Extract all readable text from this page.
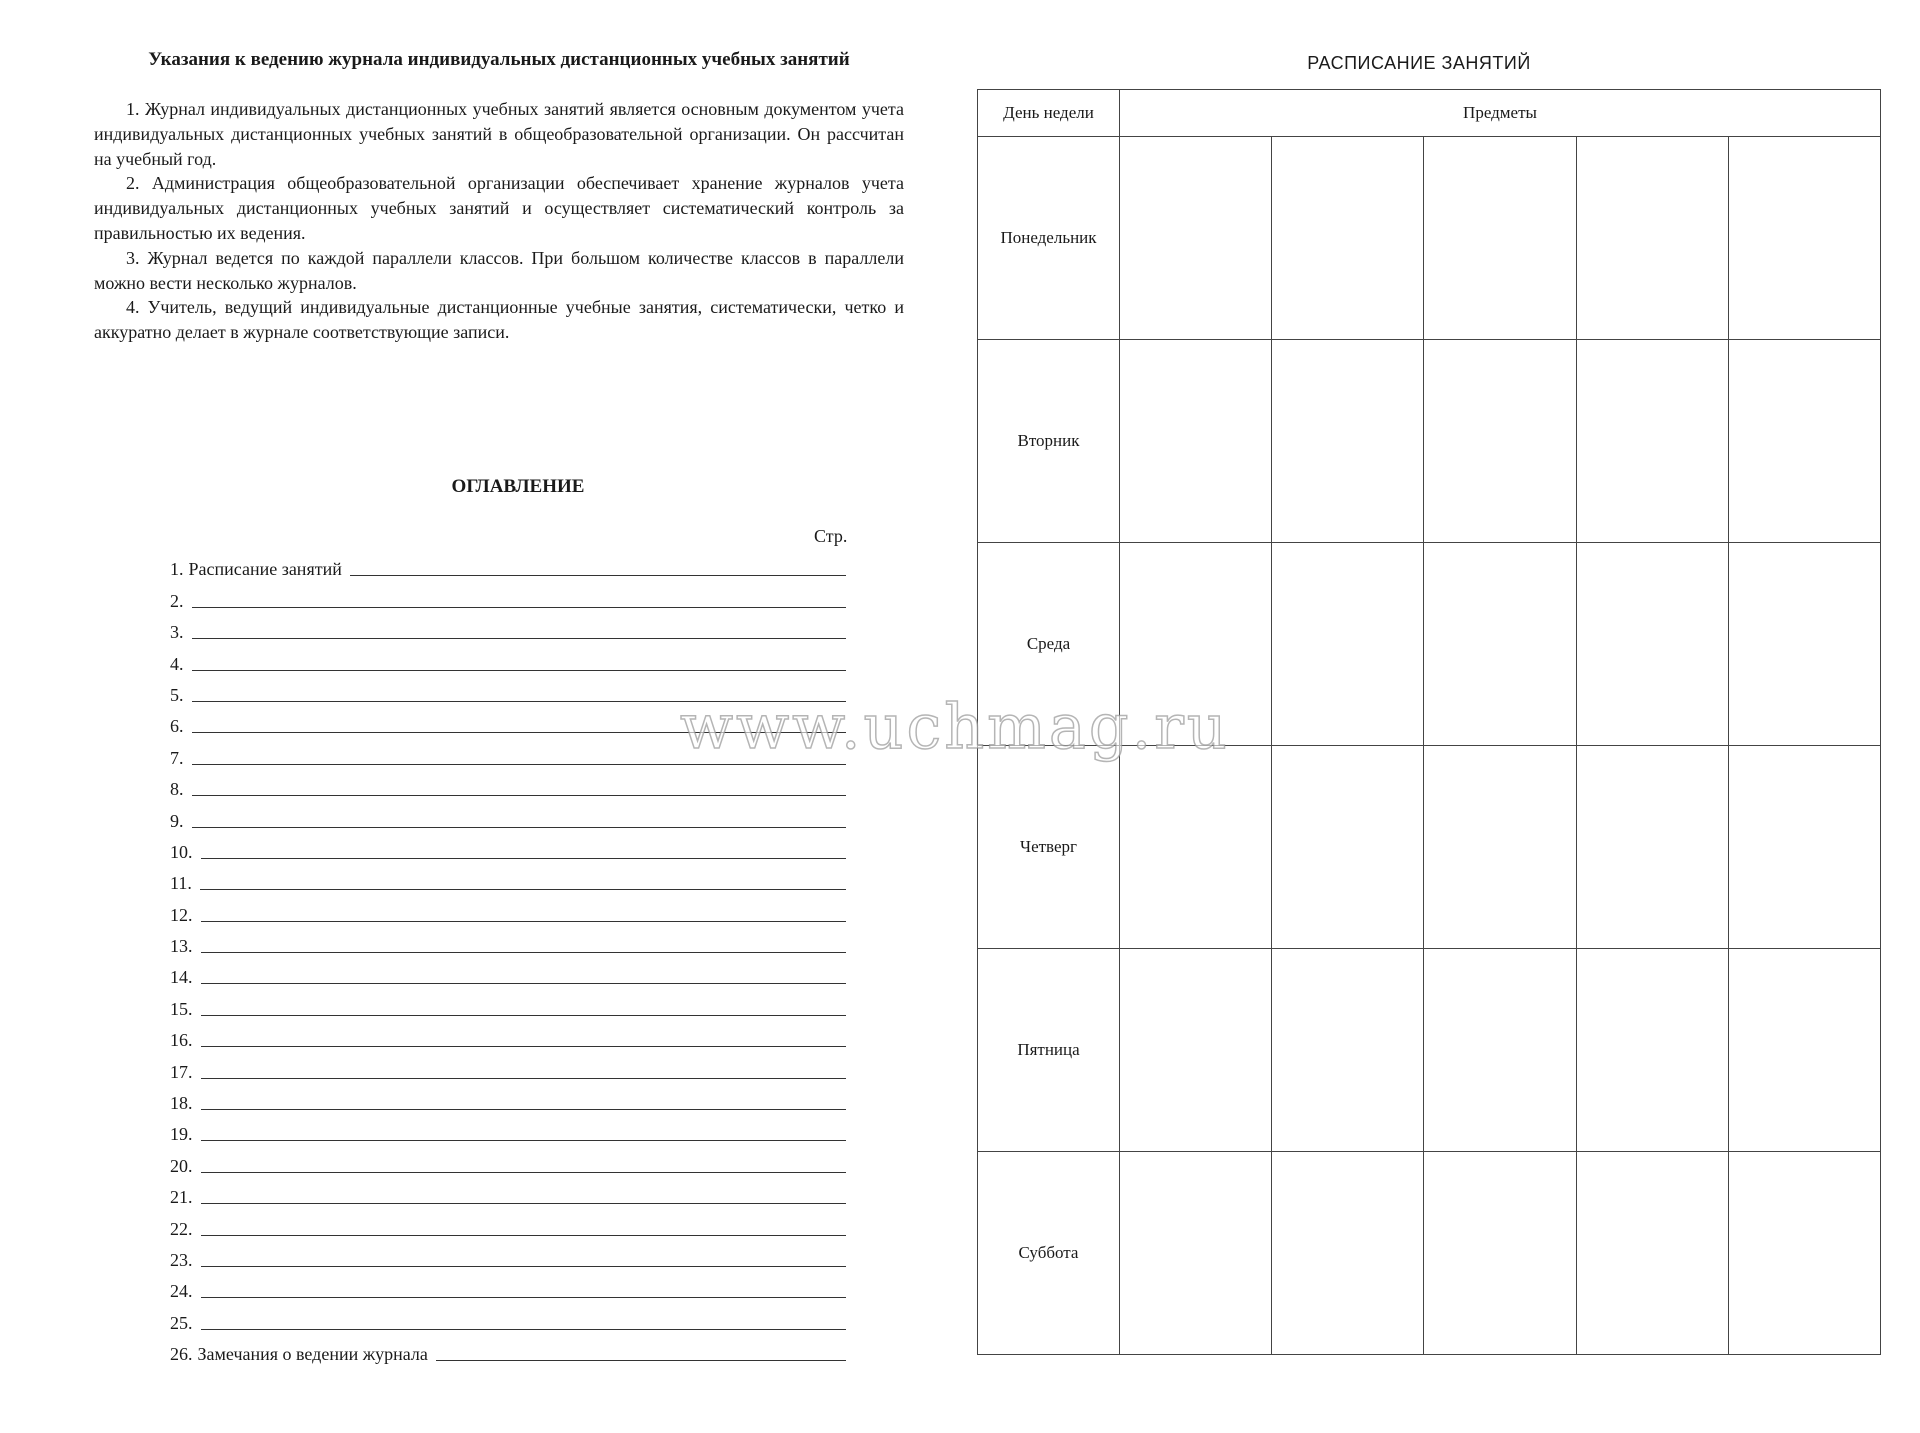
Указания к ведению журнала индивидуальных дистанционных учебных занятий

1. Журнал индивидуальных дистанционных учебных занятий является основным документом учета индивидуальных дистанционных учебных занятий в общеобразовательной организации. Он рассчитан на учебный год.

2. Администрация общеобразовательной организации обеспечивает хранение журналов учета индивидуальных дистанционных учебных занятий и осуществляет систематический контроль за правильностью их ведения.

3. Журнал ведется по каждой параллели классов. При большом количестве классов в параллели можно вести несколько журналов.

4. Учитель, ведущий индивидуальные дистанционные учебные занятия, систематически, четко и аккуратно делает в журнале соответствующие записи.

ОГЛАВЛЕНИЕ
Стр.
1. Расписание занятий
2.
3.
4.
5.
6.
7.
8.
9.
10.
11.
12.
13.
14.
15.
16.
17.
18.
19.
20.
21.
22.
23.
24.
25.
26. Замечания о ведении журнала
РАСПИСАНИЕ ЗАНЯТИЙ
День недели	Предметы				
Понедельник					
Вторник					
Среда					
Четверг					
Пятница					
Суббота					
www.uchmag.ru
